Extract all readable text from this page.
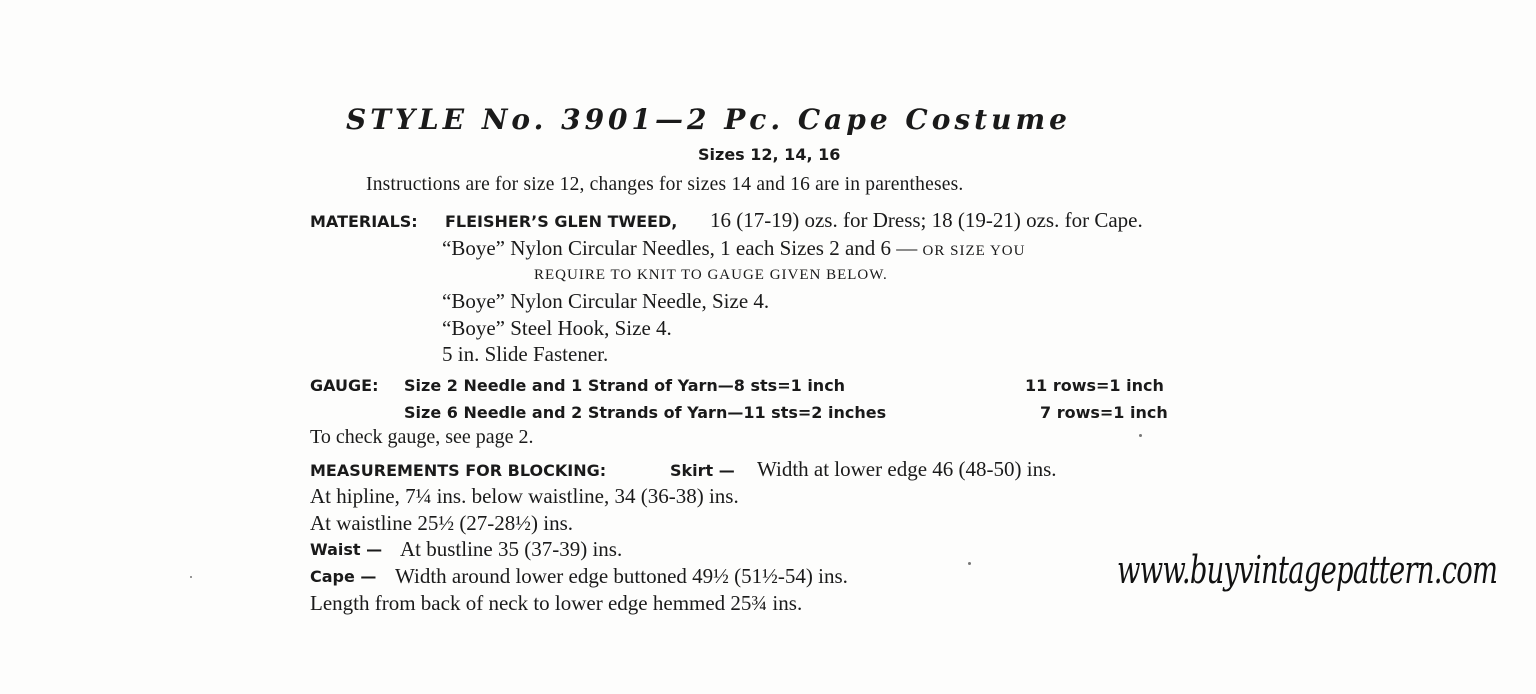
STYLE No. 3901—2 Pc. Cape Costume
Sizes 12, 14, 16
Instructions are for size 12, changes for sizes 14 and 16 are in parentheses.
MATERIALS: FLEISHER’S GLEN TWEED, 16 (17-19) ozs. for Dress; 18 (19-21) ozs. for Cape.
“Boye” Nylon Circular Needles, 1 each Sizes 2 and 6 — OR SIZE YOU
REQUIRE TO KNIT TO GAUGE GIVEN BELOW.
“Boye” Nylon Circular Needle, Size 4.
“Boye” Steel Hook, Size 4.
5 in. Slide Fastener.
GAUGE: Size 2 Needle and 1 Strand of Yarn—8 sts=1 inch	11 rows=1 inch
Size 6 Needle and 2 Strands of Yarn—11 sts=2 inches	7 rows=1 inch
To check gauge, see page 2.
MEASUREMENTS FOR BLOCKING:	Skirt — Width at lower edge 46 (48-50) ins.
At hipline, 7¼ ins. below waistline, 34 (36-38) ins.
At waistline 25½ (27-28½) ins.
Waist — At bustline 35 (37-39) ins.
Cape — Width around lower edge buttoned 49½ (51½-54) ins.
Length from back of neck to lower edge hemmed 25¾ ins.
www.buyvintagepattern.com
